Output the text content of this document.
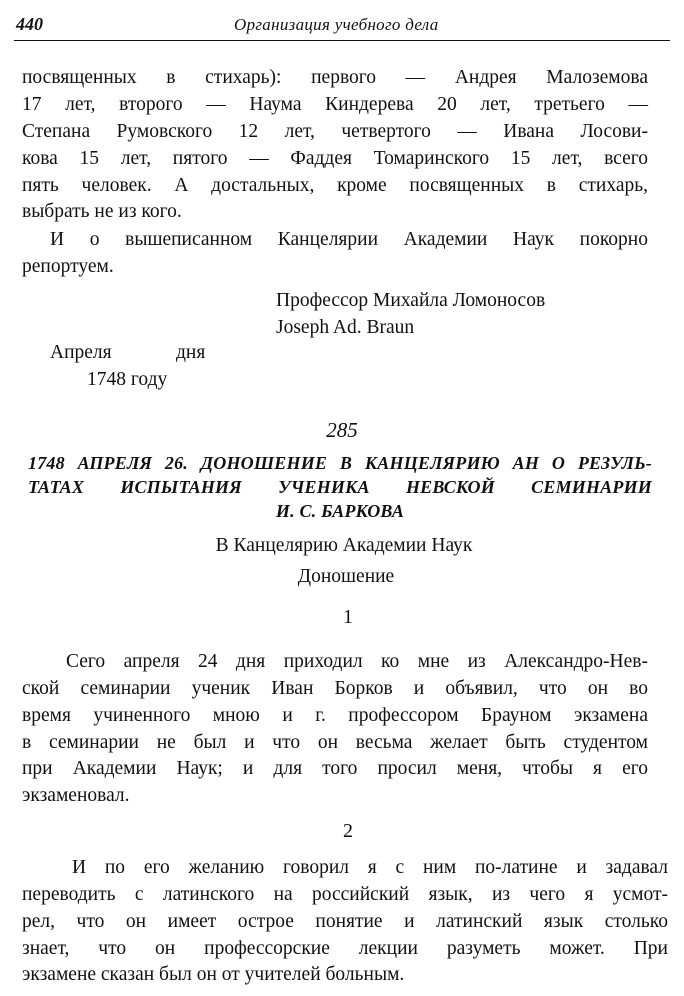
440	Организация учебного дела
посвященных в стихарь): первого — Андрея Малоземова
17 лет, второго — Наума Киндерева 20 лет, третьего —
Степана Румовского 12 лет, четвертого — Ивана Лосови-
кова 15 лет, пятого — Фаддея Томаринского 15 лет, всего
пять человек. А достальных, кроме посвященных в стихарь,
выбрать не из кого.
И о вышеписанном Канцелярии Академии Наук покорно
репортуем.
Профессор Михайла Ломоносов
Joseph Ad. Braun
Апреля	дня
1748 году
285
1748 АПРЕЛЯ 26. ДОНОШЕНИЕ В КАНЦЕЛЯРИЮ АН О РЕЗУЛЬ-
ТАТАХ ИСПЫТАНИЯ УЧЕНИКА НЕВСКОЙ СЕМИНАРИИ
И. С. БАРКОВА
В Канцелярию Академии Наук
Доношение
1
Сего апреля 24 дня приходил ко мне из Александро-Нев-
ской семинарии ученик Иван Борков и объявил, что он во
время учиненного мною и г. профессором Брауном экзамена
в семинарии не был и что он весьма желает быть студентом
при Академии Наук; и для того просил меня, чтобы я его
экзаменовал.
2
И по его желанию говорил я с ним по-латине и задавал
переводить с латинского на российский язык, из чего я усмот-
рел, что он имеет острое понятие и латинский язык столько
знает, что он профессорские лекции разуметь может. При
экзамене сказан был он от учителей больным.
